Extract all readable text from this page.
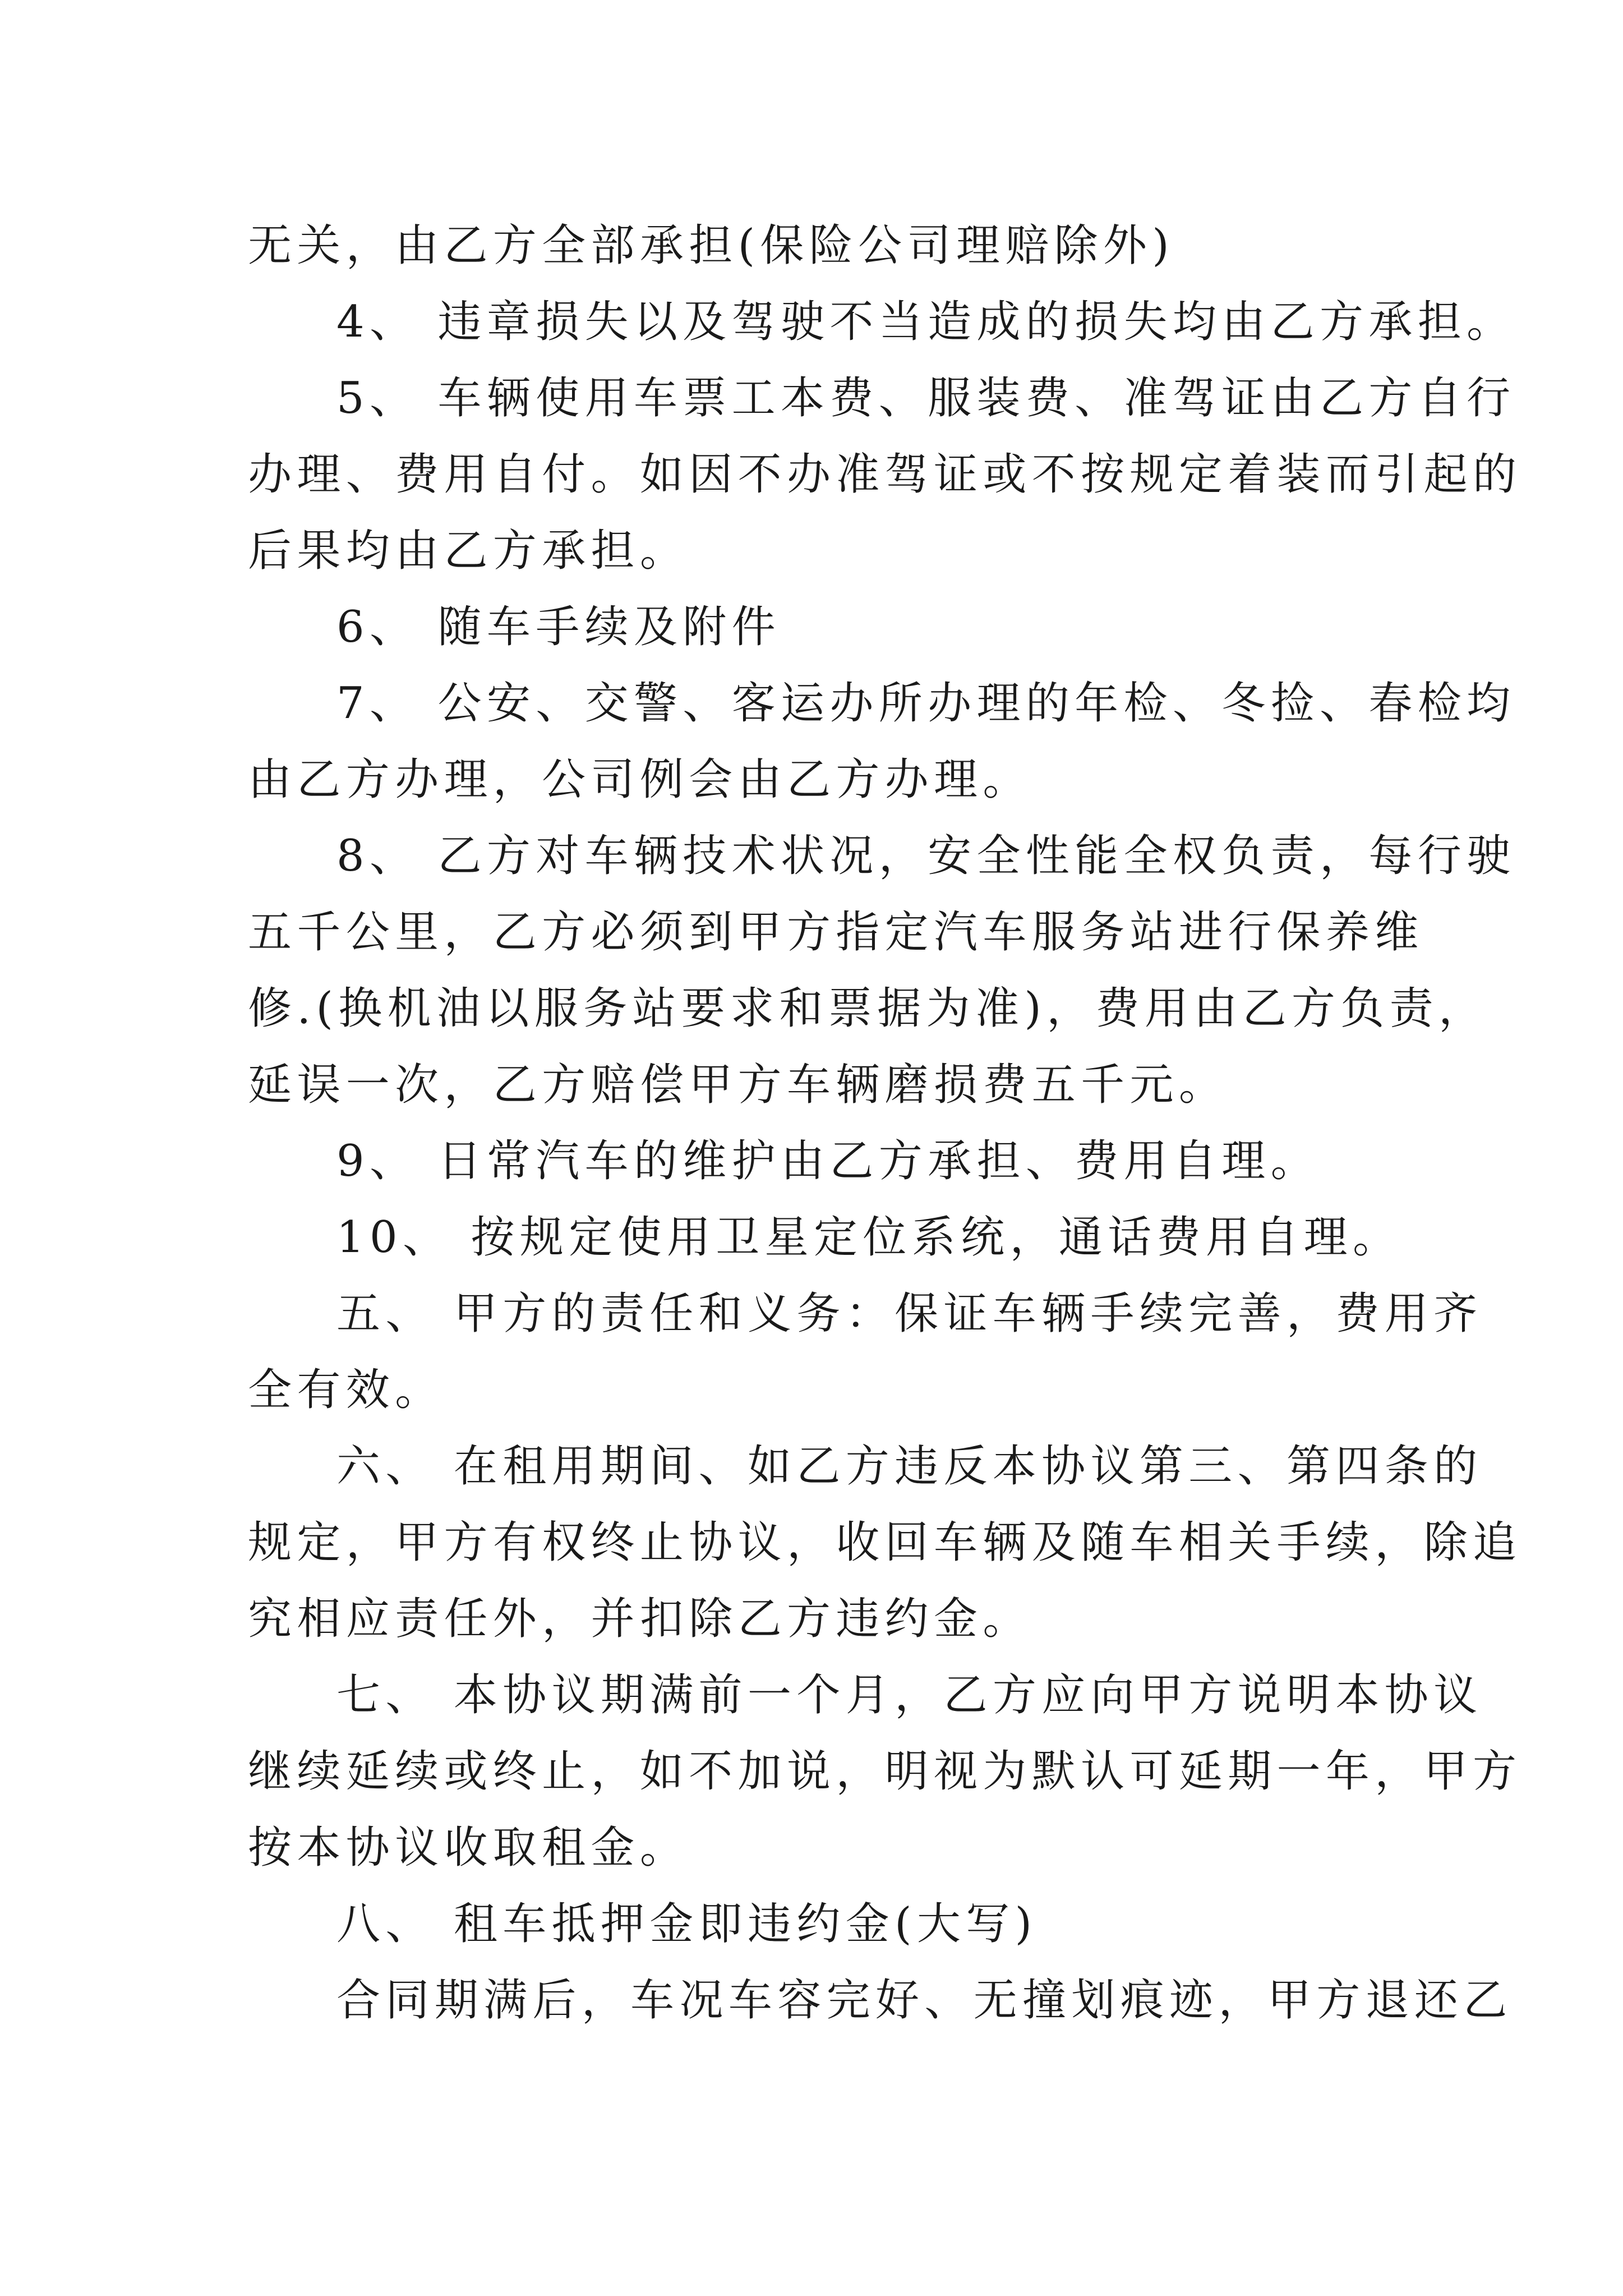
无关，由乙方全部承担(保险公司理赔除外)
4、 违章损失以及驾驶不当造成的损失均由乙方承担。
5、 车辆使用车票工本费、服装费、准驾证由乙方自行
办理、费用自付。如因不办准驾证或不按规定着装而引起的
后果均由乙方承担。
6、 随车手续及附件
7、 公安、交警、客运办所办理的年检、冬捡、春检均
由乙方办理，公司例会由乙方办理。
8、 乙方对车辆技术状况，安全性能全权负责，每行驶
五千公里，乙方必须到甲方指定汽车服务站进行保养维
修.(换机油以服务站要求和票据为准)，费用由乙方负责，
延误一次，乙方赔偿甲方车辆磨损费五千元。
9、 日常汽车的维护由乙方承担、费用自理。
10、 按规定使用卫星定位系统，通话费用自理。
五、 甲方的责任和义务：保证车辆手续完善，费用齐
全有效。
六、 在租用期间、如乙方违反本协议第三、第四条的
规定，甲方有权终止协议，收回车辆及随车相关手续，除追
究相应责任外，并扣除乙方违约金。
七、 本协议期满前一个月，乙方应向甲方说明本协议
继续延续或终止，如不加说，明视为默认可延期一年，甲方
按本协议收取租金。
八、 租车抵押金即违约金(大写)
合同期满后，车况车容完好、无撞划痕迹，甲方退还乙
